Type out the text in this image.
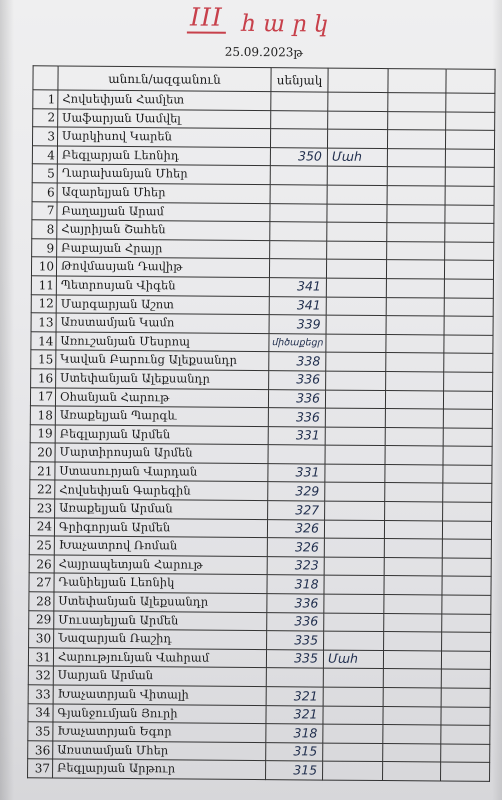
III հարկ
25.09.2023թ
	անուն/ազգանուն	սենյակ			
1	Հովսեփյան Համլետ				
2	Սաֆարյան Սամվել				
3	Սարկիսով Կարեն				
4	Բեգլարյան Լեոնիդ	350	Մահ		
5	Ղարախանյան Մհեր				
6	Ազարելյան Մհեր				
7	Բաղալյան Արամ				
8	Հայրիյան Շահեն				
9	Բաբայան Հրայր				
10	Թովմասյան Դավիթ				
11	Պետրոսյան Վիգեն	341			
12	Մարգարյան Աշոտ	341			
13	Առստամյան Կամո	339			
14	Առուշանյան Մեսրոպ	միծաքեցր			
15	Կավան Բարունց Ալեքսանդր	338			
16	Ստեփանյան Ալեքսանդր	336			
17	Օհանյան Հարութ	336			
18	Առաքելյան Պարգև	336			
19	Բեգլարյան Արմեն	331			
20	Մարտիրոսյան Արմեն				
21	Ստասուրյան Վարդան	331			
22	Հովսեփյան Գարեգին	329			
23	Առաքելյան Արման	327			
24	Գրիգորյան Արմեն	326			
25	Խաչատրով Ռոման	326			
26	Հայրապետյան Հարութ	323			
27	Դանիելյան Լեոնիկ	318			
28	Ստեփանյան Ալեքսանդր	336			
29	Մուսայելյան Արմեն	336			
30	Նազարյան Ռաշիդ	335			
31	Հարությունյան Վահրամ	335	Մահ		
32	Սարյան Արման				
33	Խաչատրյան Վիտալի	321			
34	Գյանջումյան Յուրի	321			
35	Խաչատրյան Եգոր	318			
36	Առստամյան Մհեր	315			
37	Բեգլարյան Արթուր	315			
